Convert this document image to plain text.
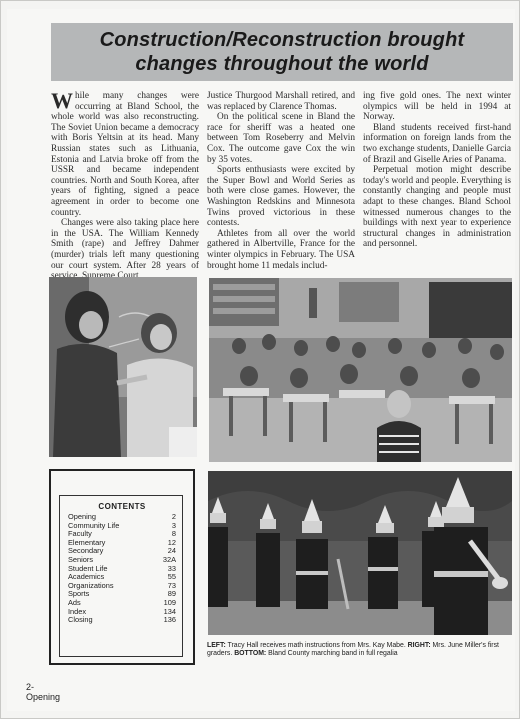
Construction/Reconstruction brought
changes throughout the world

While many changes were occurring at Bland School, the whole world was also reconstructing. The Soviet Union became a democracy with Boris Yeltsin at its head. Many Russian states such as Lithuania, Estonia and Latvia broke off from the USSR and became independent countries. North and South Korea, after years of fighting, signed a peace agreement in order to become one country.

Changes were also taking place here in the USA. The William Kennedy Smith (rape) and Jeffrey Dahmer (murder) trials left many questioning our court system. After 28 years of

Justice Thurgood Marshall retired, and was replaced by Clarence Thomas.

On the political scene in Bland the race for sheriff was a heated one between Tom Roseberry and Melvin Cox. The outcome gave Cox the win by 35 votes.

Sports enthusiasts were excited by the Super Bowl and World Series as both were close games. However, the Washington Redskins and Minnesota Twins proved victorious in these contests.

Athletes from all over the world gathered in Albertville, France for the winter olympics in February. The USA brought home 11 medals includ-

ing five gold ones. The next winter olympics will be held in 1994 at Norway.

Bland students received first-hand information on foreign lands from the two exchange students, Danielle Garcia of Brazil and Giselle Aries of Panama.

Perpetual motion might describe today's world and people. Everything is constantly changing and people must adapt to these changes. Bland School witnessed numerous changes to the buildings with next year to experience structural changes in administration and personnel.

CONTENTS
Opening	2
Community Life	3
Faculty	8
Elementary	12
Secondary	24
Seniors	32A
Student Life	33
Academics	55
Organizations	73
Sports	89
Ads	109
Index	134
Closing	136
LEFT: Tracy Hall receives math instructions from Mrs. Kay Mabe. RIGHT: Mrs. June Miller's first graders. BOTTOM: Bland County marching band in full regalia
2-
Opening
